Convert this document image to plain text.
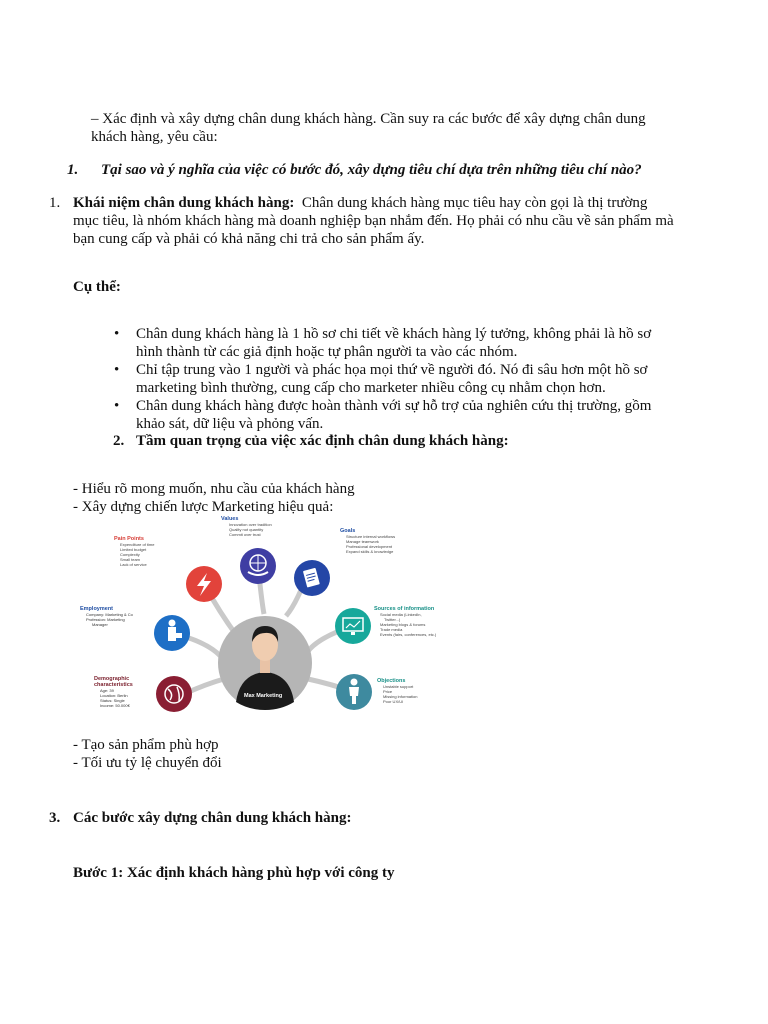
– Xác định và xây dựng chân dung khách hàng. Cần suy ra các bước để xây dựng chân dung
khách hàng, yêu cầu:
1. Tại sao và ý nghĩa của việc có bước đó, xây dựng tiêu chí dựa trên những tiêu chí nào?
1. Khái niệm chân dung khách hàng: Chân dung khách hàng mục tiêu hay còn gọi là thị trường
mục tiêu, là nhóm khách hàng mà doanh nghiệp bạn nhắm đến. Họ phải có nhu cầu về sản phẩm mà
bạn cung cấp và phải có khả năng chi trả cho sản phẩm ấy.
Cụ thể:
• Chân dung khách hàng là 1 hồ sơ chi tiết về khách hàng lý tưởng, không phải là hồ sơ
hình thành từ các giả định hoặc tự phân người ta vào các nhóm.
• Chỉ tập trung vào 1 người và phác họa mọi thứ về người đó. Nó đi sâu hơn một hồ sơ
marketing bình thường, cung cấp cho marketer nhiều công cụ nhằm chọn hơn.
• Chân dung khách hàng được hoàn thành với sự hỗ trợ của nghiên cứu thị trường, gồm
khảo sát, dữ liệu và phỏng vấn.
2. Tầm quan trọng của việc xác định chân dung khách hàng:
- Hiểu rõ mong muốn, nhu cầu của khách hàng
- Xây dựng chiến lược Marketing hiệu quả:
Max Marketing
Values
Innovation over tradition
Quality not quantity
Commit over trust
Pain Points
Expenditure of time
Limited budget
Complexity
Small team
Lack of service
Goals
Structure internal workflows
Manage teamwork
Professional development
Expand skills & knowledge
Employment
Company: Marketing & Co
Profession: Marketing
Manager
Sources of information
Social media (LinkedIn,
Twitter...)
Marketing blogs & forums
Trade media
Events (fairs, conferences, etc.)
Demographic
characteristics
Age: 39
Location: Berlin
Status: Single
Income: 50.000€
Objections
Unstable support
Price
Missing information
Poor UX/UI
- Tạo sản phẩm phù hợp
- Tối ưu tỷ lệ chuyển đổi
3. Các bước xây dựng chân dung khách hàng:
Bước 1: Xác định khách hàng phù hợp với công ty
